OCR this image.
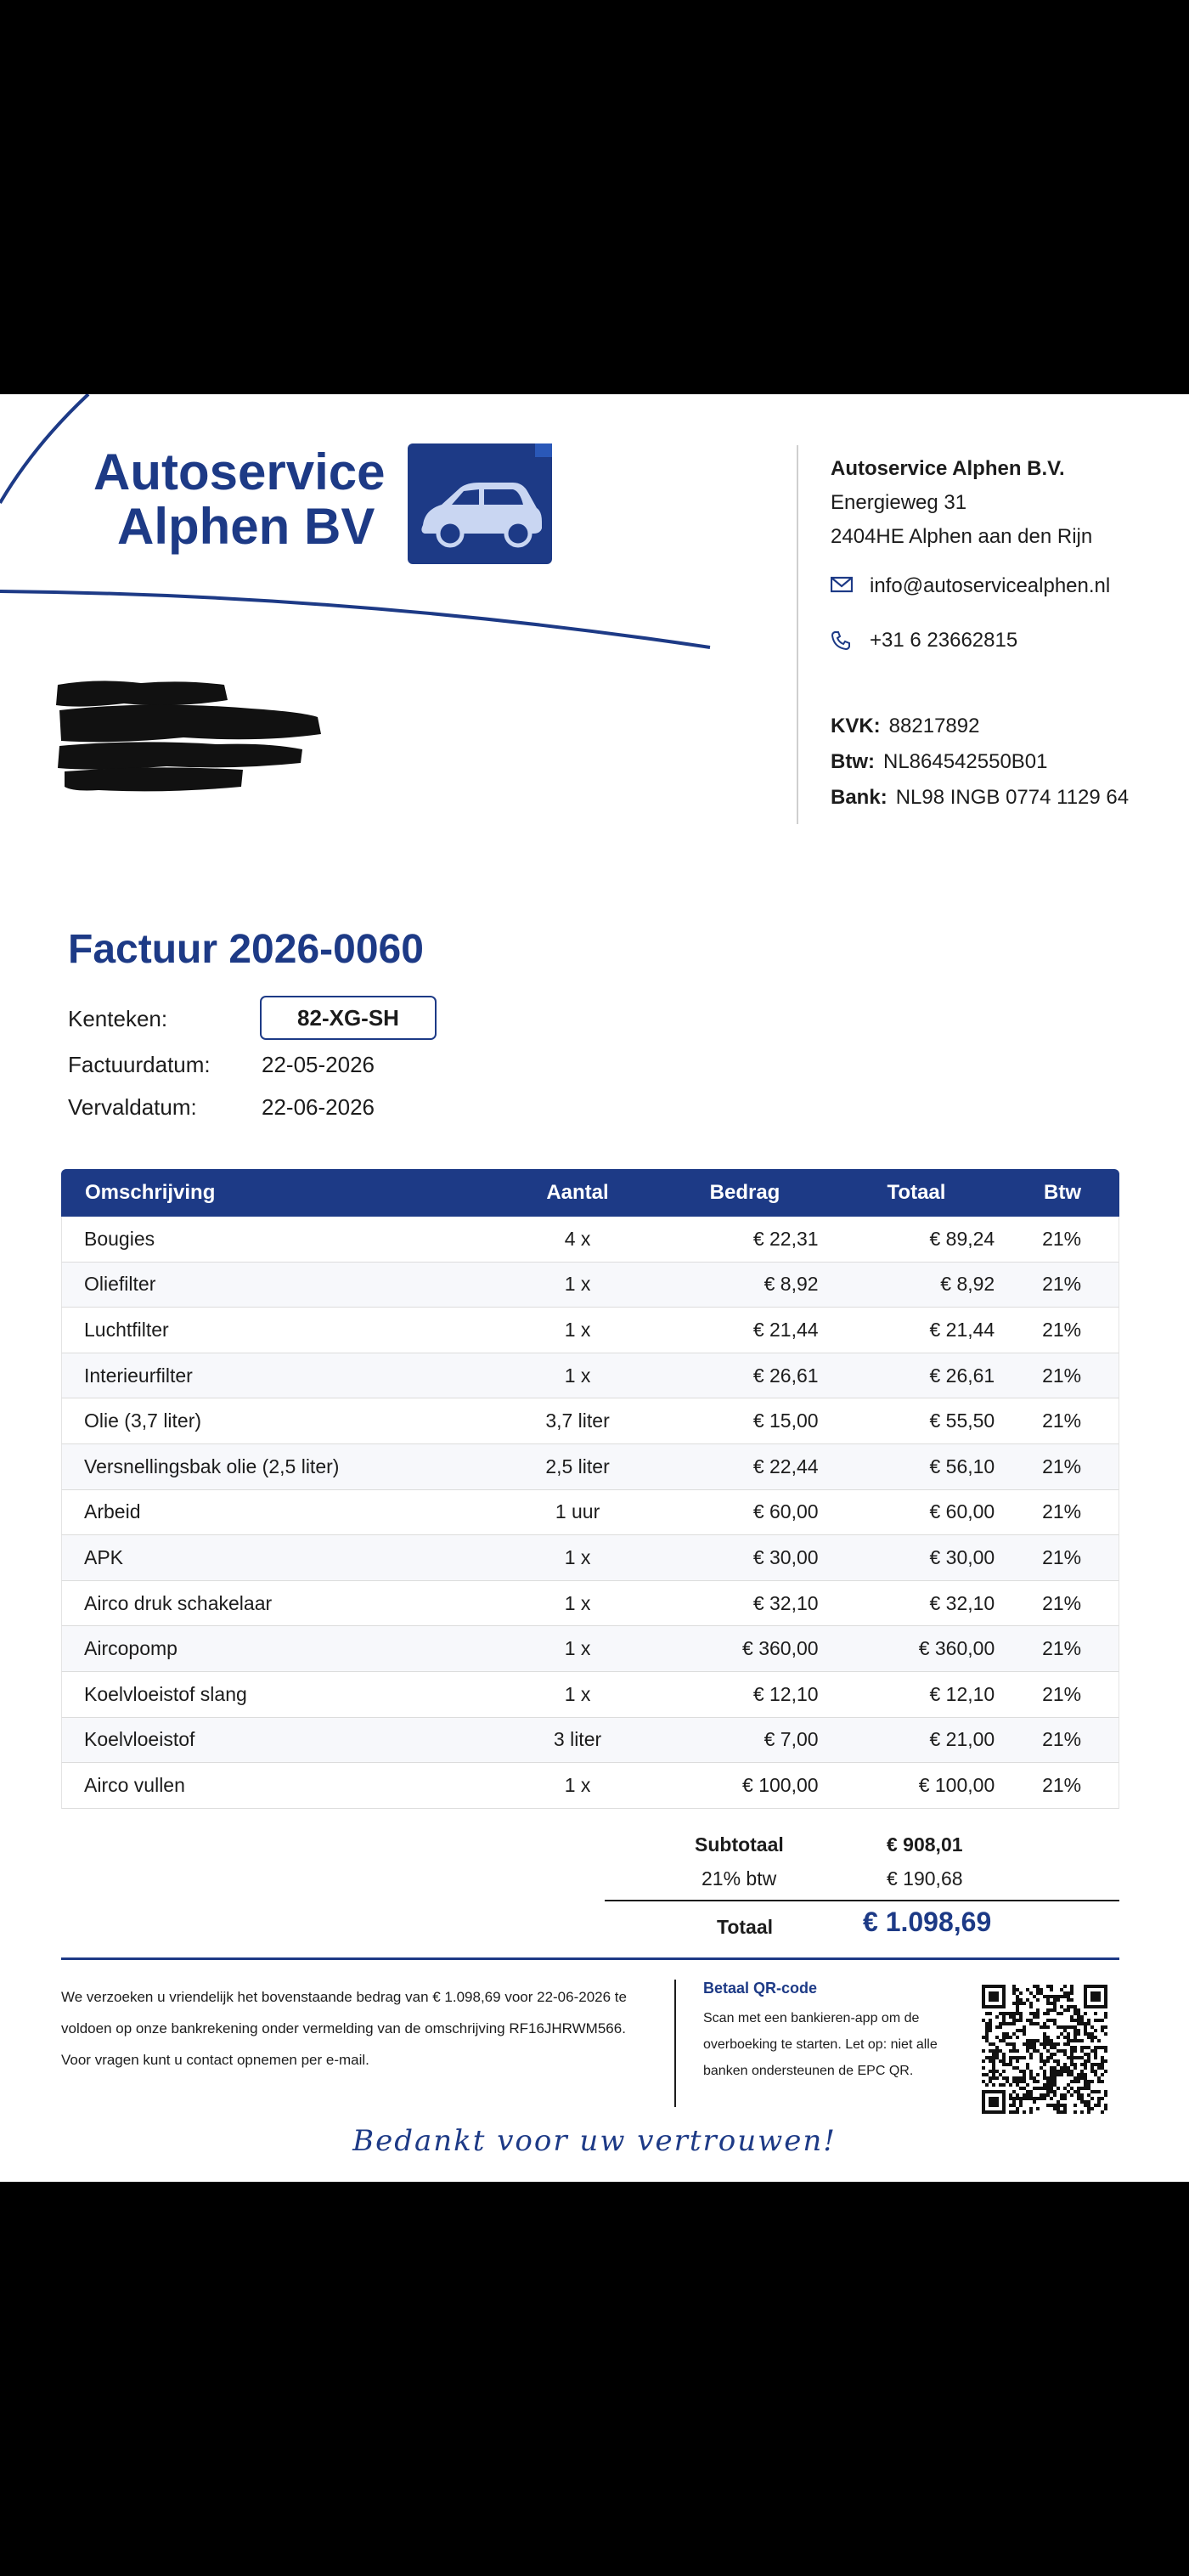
Autoservice
Alphen BV
Autoservice Alphen B.V.
Energieweg 31
2404HE Alphen aan den Rijn
info@autoservicealphen.nl
+31 6 23662815
KVK: 88217892
Btw: NL864542550B01
Bank: NL98 INGB 0774 1129 64
Factuur 2026-0060
Kenteken:	82-XG-SH
Factuurdatum: 22-05-2026
Vervaldatum:	22-06-2026
Omschrijving	Aantal	Bedrag	Totaal	Btw
Bougies	4 x	€ 22,31	€ 89,24	21%
Oliefilter	1 x	€ 8,92	€ 8,92	21%
Luchtfilter	1 x	€ 21,44	€ 21,44	21%
Interieurfilter	1 x	€ 26,61	€ 26,61	21%
Olie (3,7 liter)	3,7 liter	€ 15,00	€ 55,50	21%
Versnellingsbak olie (2,5 liter)	2,5 liter	€ 22,44	€ 56,10	21%
Arbeid	1 uur	€ 60,00	€ 60,00	21%
APK	1 x	€ 30,00	€ 30,00	21%
Airco druk schakelaar	1 x	€ 32,10	€ 32,10	21%
Aircopomp	1 x	€ 360,00	€ 360,00	21%
Koelvloeistof slang	1 x	€ 12,10	€ 12,10	21%
Koelvloeistof	3 liter	€ 7,00	€ 21,00	21%
Airco vullen	1 x	€ 100,00	€ 100,00	21%
Subtotaal	€ 908,01
21% btw	€ 190,68
Totaal	€ 1.098,69
We verzoeken u vriendelijk het bovenstaande bedrag van € 1.098,69 voor 22-06-2026 te voldoen op onze bankrekening onder vermelding van de omschrijving RF16JHRWM566. Voor vragen kunt u contact opnemen per e-mail.
Betaal QR-code
Scan met een bankieren-app om de overboeking te starten. Let op: niet alle banken ondersteunen de EPC QR.
Bedankt voor uw vertrouwen!
